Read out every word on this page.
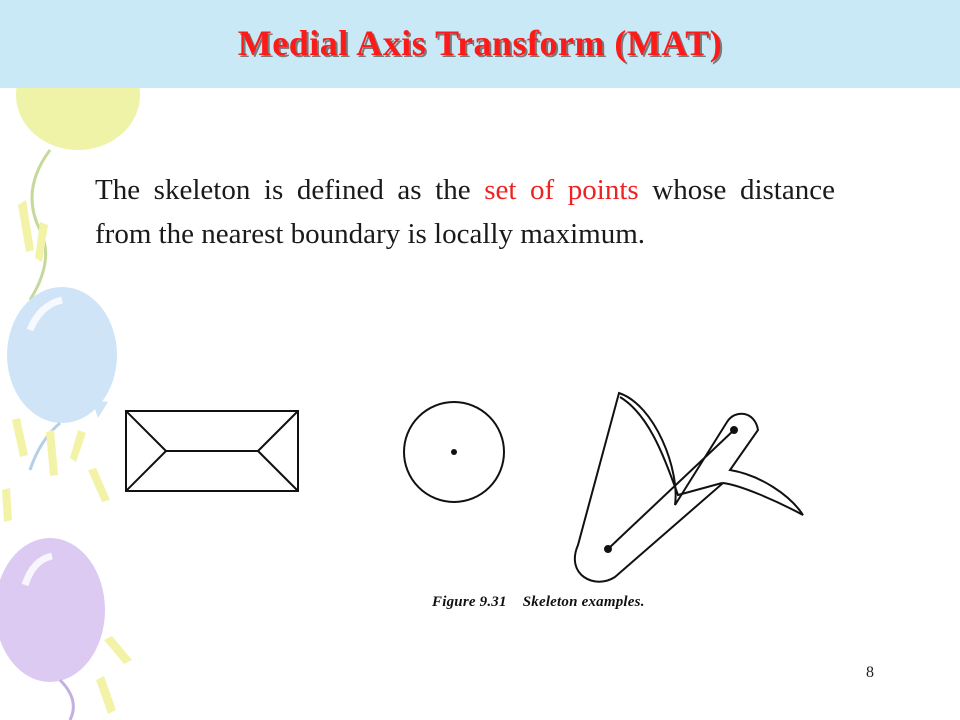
Medial Axis Transform (MAT)
The skeleton is defined as the set of points whose distance from the nearest boundary is locally maximum.
Figure 9.31 Skeleton examples.
8
